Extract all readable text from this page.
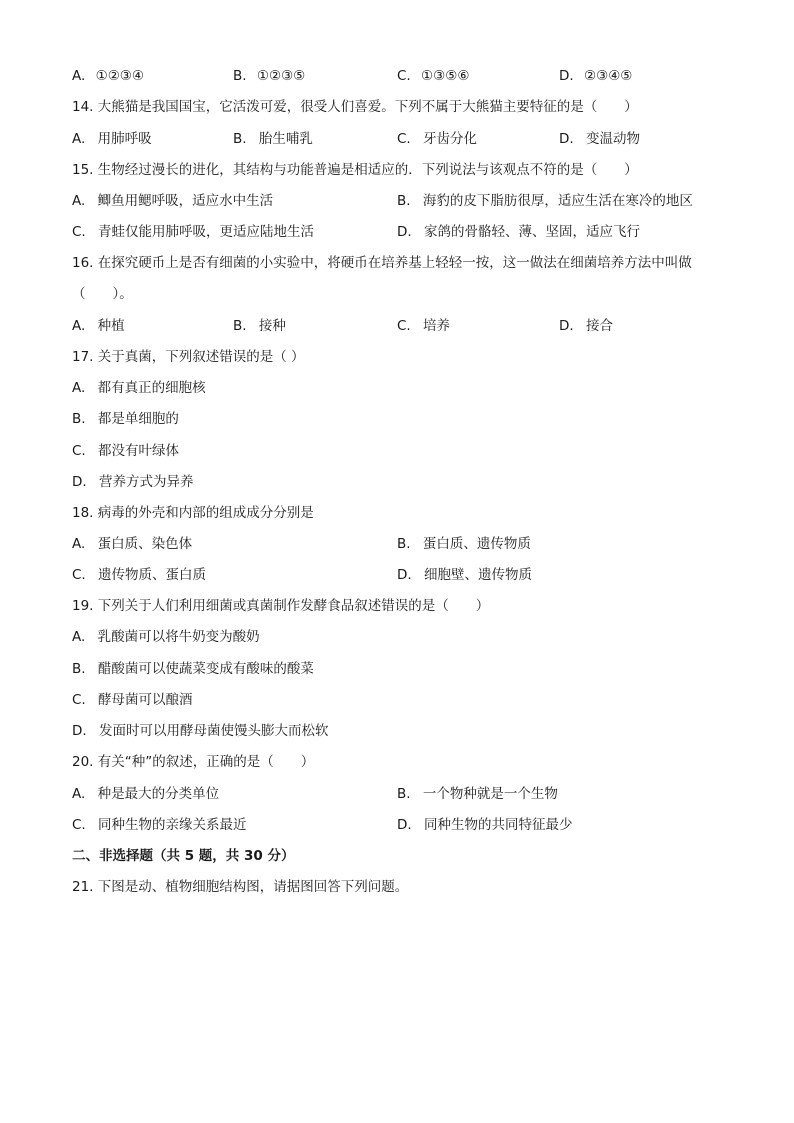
A. ①②③④	B. ①②③⑤	C. ①③⑤⑥	D. ②③④⑤
14. 大熊猫是我国国宝，它活泼可爱，很受人们喜爱。下列不属于大熊猫主要特征的是（　　）
A. 用肺呼吸	B. 胎生哺乳	C. 牙齿分化	D. 变温动物
15. 生物经过漫长的进化，其结构与功能普遍是相适应的．下列说法与该观点不符的是（　　）
A. 鲫鱼用鳃呼吸，适应水中生活	B. 海豹的皮下脂肪很厚，适应生活在寒冷的地区
C. 青蛙仅能用肺呼吸，更适应陆地生活	D. 家鸽的骨骼轻、薄、坚固，适应飞行
16. 在探究硬币上是否有细菌的小实验中，将硬币在培养基上轻轻一按，这一做法在细菌培养方法中叫做
（　　）。
A. 种植	B. 接种	C. 培养	D. 接合
17. 关于真菌，下列叙述错误的是（ ）
A. 都有真正的细胞核
B. 都是单细胞的
C. 都没有叶绿体
D. 营养方式为异养
18. 病毒的外壳和内部的组成成分分别是
A. 蛋白质、染色体	B. 蛋白质、遗传物质
C. 遗传物质、蛋白质	D. 细胞壁、遗传物质
19. 下列关于人们利用细菌或真菌制作发酵食品叙述错误的是（　　）
A. 乳酸菌可以将牛奶变为酸奶
B. 醋酸菌可以使蔬菜变成有酸味的酸菜
C. 酵母菌可以酿酒
D. 发面时可以用酵母菌使馒头膨大而松软
20. 有关“种”的叙述，正确的是（　　）
A. 种是最大的分类单位	B. 一个物种就是一个生物
C. 同种生物的亲缘关系最近	D. 同种生物的共同特征最少
二、非选择题（共 5 题，共 30 分）
21. 下图是动、植物细胞结构图，请据图回答下列问题。
